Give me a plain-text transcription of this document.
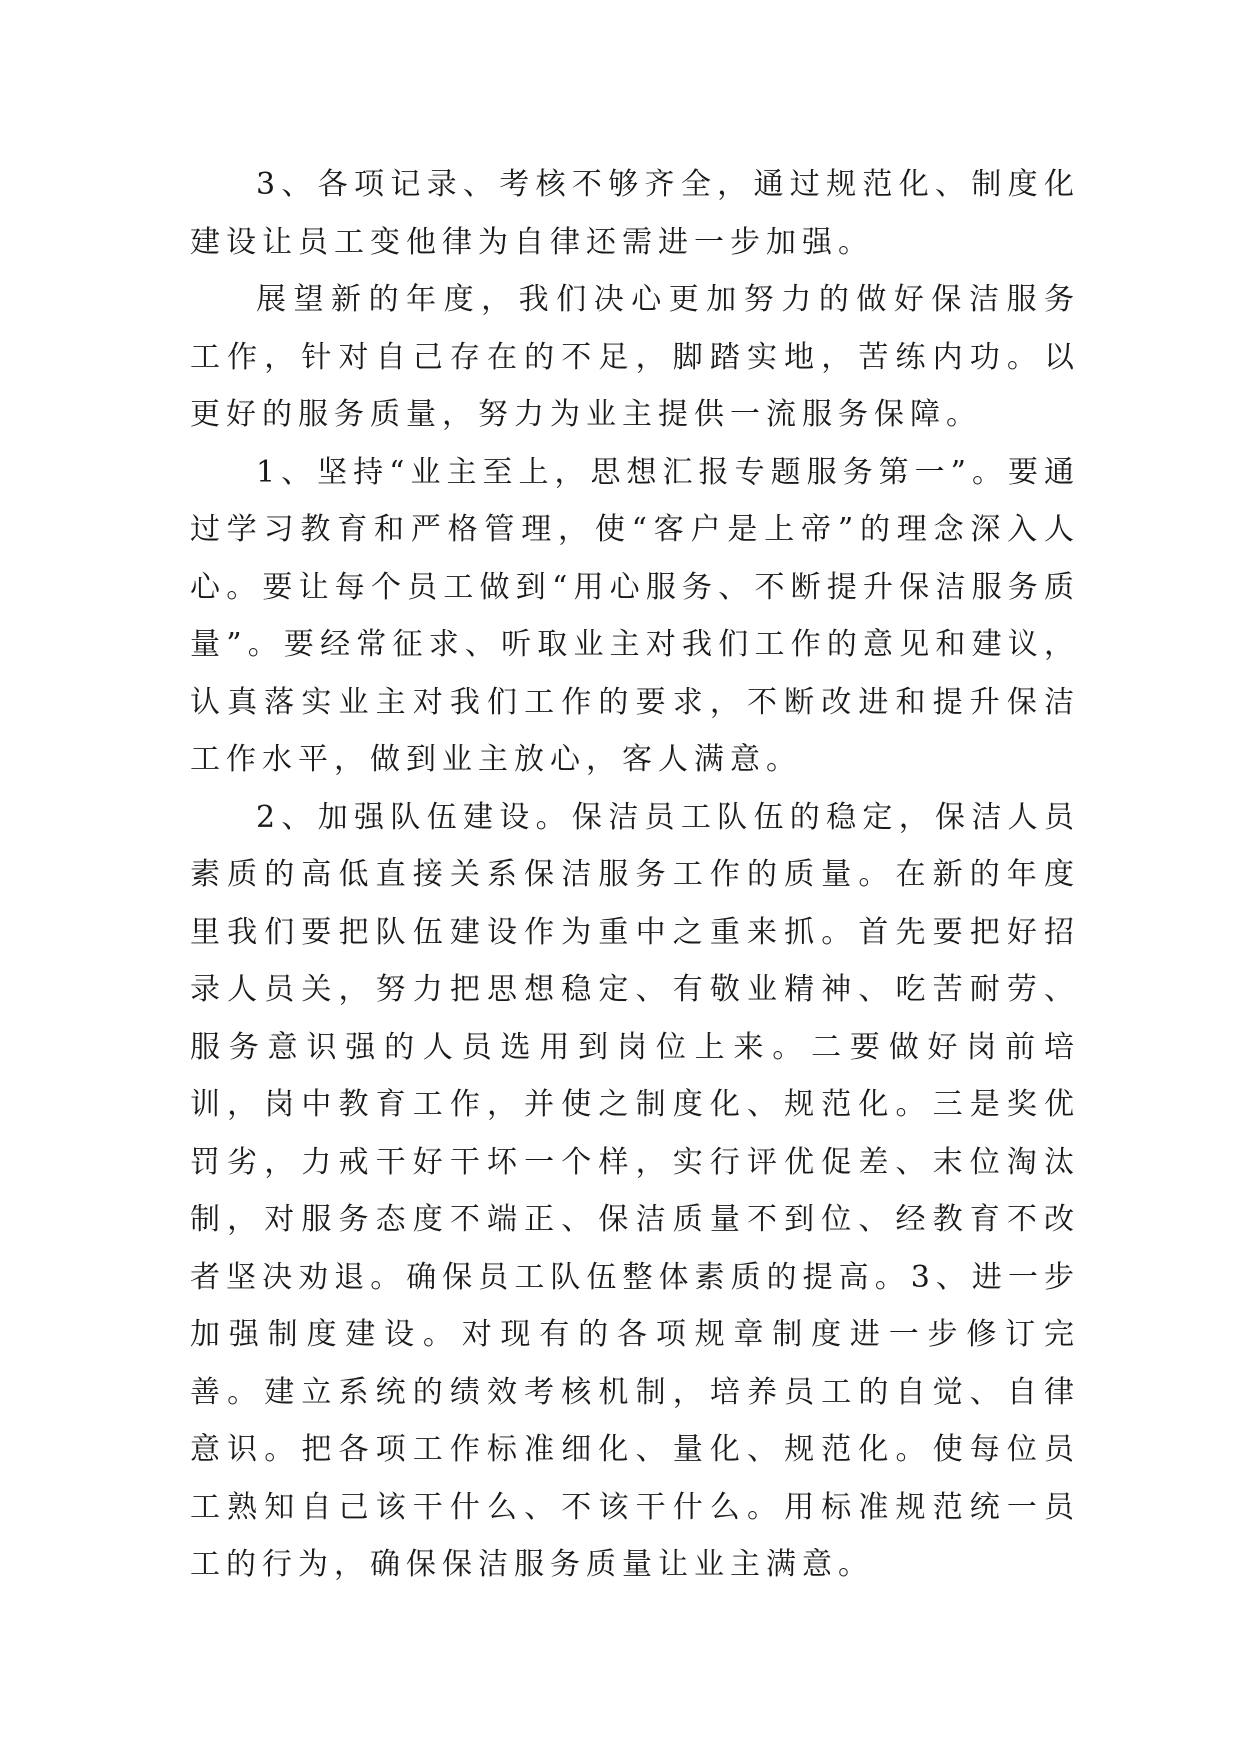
3、各项记录、考核不够齐全，通过规范化、制度化建设让员工变他律为自律还需进一步加强。

展望新的年度，我们决心更加努力的做好保洁服务工作，针对自己存在的不足，脚踏实地，苦练内功。以更好的服务质量，努力为业主提供一流服务保障。

1、坚持“业主至上，思想汇报专题服务第一”。要通过学习教育和严格管理，使“客户是上帝”的理念深入人心。要让每个员工做到“用心服务、不断提升保洁服务质量”。要经常征求、听取业主对我们工作的意见和建议，认真落实业主对我们工作的要求，不断改进和提升保洁工作水平，做到业主放心，客人满意。

2、加强队伍建设。保洁员工队伍的稳定，保洁人员素质的高低直接关系保洁服务工作的质量。在新的年度里我们要把队伍建设作为重中之重来抓。首先要把好招录人员关，努力把思想稳定、有敬业精神、吃苦耐劳、服务意识强的人员选用到岗位上来。二要做好岗前培训，岗中教育工作，并使之制度化、规范化。三是奖优罚劣，力戒干好干坏一个样，实行评优促差、末位淘汰制，对服务态度不端正、保洁质量不到位、经教育不改者坚决劝退。确保员工队伍整体素质的提高。3、进一步加强制度建设。对现有的各项规章制度进一步修订完善。建立系统的绩效考核机制，培养员工的自觉、自律意识。把各项工作标准细化、量化、规范化。使每位员工熟知自己该干什么、不该干什么。用标准规范统一员工的行为，确保保洁服务质量让业主满意。
